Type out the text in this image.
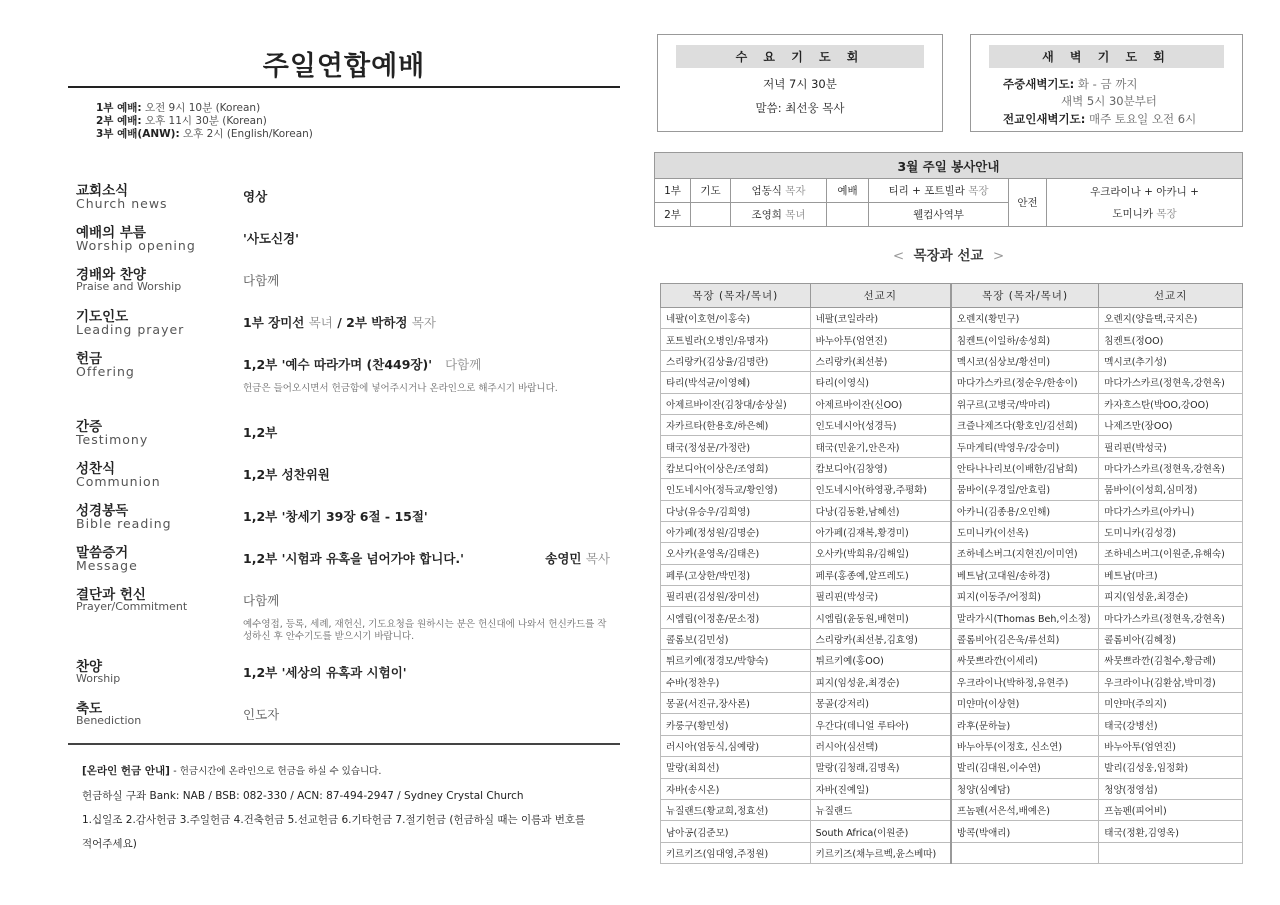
주일연합예배
1부 예배: 오전 9시 10분 (Korean)
2부 예배: 오후 11시 30분 (Korean)
3부 예배(ANW): 오후 2시 (English/Korean)
교회소식
Church news	영상
예배의 부름
Worship opening	'사도신경'
경배와 찬양
Praise and Worship	다함께
기도인도
Leading prayer	1부 장미선 목녀 / 2부 박하정 목자
헌금
Offering	1,2부 '예수 따라가며 (찬449장)' 다함께
헌금은 들어오시면서 헌금함에 넣어주시거나 온라인으로 해주시기 바랍니다.
간증
Testimony	1,2부
성찬식
Communion	1,2부 성찬위원
성경봉독
Bible reading	1,2부 '창세기 39장 6절 - 15절'
말씀증거
Message	1,2부 '시험과 유혹을 넘어가야 합니다.'	송영민 목사
결단과 헌신
Prayer/Commitment	다함께
예수영접, 등록, 세례, 재헌신, 기도요청을 원하시는 분은 헌신대에 나와서 헌신카드를 작성하신 후 안수기도를 받으시기 바랍니다.
찬양
Worship	1,2부 '세상의 유혹과 시험이'
축도
Benediction	인도자
[온라인 헌금 안내] - 헌금시간에 온라인으로 헌금을 하실 수 있습니다.
헌금하실 구좌 Bank: NAB / BSB: 082-330 / ACN: 87-494-2947 / Sydney Crystal Church
1.십일조 2.감사헌금 3.주일헌금 4.건축헌금 5.선교헌금 6.기타헌금 7.절기헌금 (헌금하실 때는 이름과 번호를
적어주세요)
수 요 기 도 회
저녁 7시 30분
말씀: 최선웅 목사
새 벽 기 도 회
주중새벽기도: 화 - 금 까지
새벽 5시 30분부터
전교인새벽기도: 매주 토요일 오전 6시
3월 주일 봉사안내						
1부	기도	엄동식 목자	예배	티리 + 포트빌라 목장	안전	우크라이나 + 아카니 +
도미니카 목장

2부		조영희 목녀		웰컴사역부		
< 목장과 선교 >
목장 (목자/목녀)	선교지	목장 (목자/목녀)	선교지
네팔(이호현/이홍숙)	네팔(코일라라)	오렌지(황민구)	오렌지(양을택,국지은)
포트빌라(오병인/유명자)	바누아투(엄연진)	침켄트(이일하/송성희)	침켄트(정OO)
스리랑카(김상율/김명란)	스리랑카(최선봉)	멕시코(심상보/황선미)	멕시코(추기성)
타리(박석균/이영혜)	타리(이영식)	마다가스카르(정순우/한송이)	마다가스카르(정현욱,강현옥)
아제르바이잔(김창대/송상실)	아제르바이잔(신OO)	위구르(고병국/박마리)	카자흐스탄(박OO,강OO)
자카르타(한용호/하은혜)	인도네시아(성경득)	크즐나제즈다(황호인/김선희)	나제즈만(장OO)
태국(정성문/가정란)	태국(민윤기,안은자)	두마게티(박영우/강승미)	필리핀(박성국)
캄보디아(이상은/조영희)	캄보디아(김창영)	안타나나리보(이배한/김남희)	마다가스카르(정현욱,강현옥)
인도네시아(정득교/황인영)	인도네시아(하영광,주평화)	뭄바이(우경일/안효림)	뭄바이(이성희,심미정)
다낭(유승우/김희영)	다낭(김동환,남혜선)	아카니(김종용/오인해)	마다가스카르(아카니)
아가페(정성원/김명순)	아가페(김재복,황경미)	도미니카(이선옥)	도미니카(김성경)
오사카(윤영옥/김태은)	오사카(박희유/김해일)	조하네스버그(지현진/이미연)	조하네스버그(이원준,유해숙)
페루(고상한/박민정)	페루(홍종예,알프레도)	베트남(고대원/송하경)	베트남(마크)
필리핀(김성원/장미선)	필리핀(박성국)	피지(이동주/어정희)	피지(임성윤,최경순)
시엠립(이정훈/문소정)	시엠립(윤동원,배현미)	말라가시(Thomas Beh,이소정)	마다가스카르(정현욱,강현옥)
콜롬보(김민성)	스리랑카(최선봉,김효영)	콜롬비아(김은욱/류선희)	콜롬비아(김혜정)
튀르키예(정경모/박향숙)	튀르키예(홍OO)	싸뭇쁘라깐(이세리)	싸뭇쁘라깐(김철수,황금례)
수바(정찬우)	피지(임성윤,최경순)	우크라이나(박하정,유현주)	우크라이나(김환삼,박미경)
몽골(서진규,장사론)	몽골(강저리)	미얀마(이상현)	미얀마(주의지)
카룽구(황민성)	우간다(데니얼 루타아)	라후(문하늘)	태국(강병선)
러시아(엄동식,심예랑)	러시아(심선택)	바누아투(이정호, 신소연)	바누아투(엄연진)
말랑(최희선)	말랑(김청래,김명옥)	발리(김대원,이수연)	발리(김성웅,임정화)
자바(송시온)	자바(진예일)	청양(심예담)	청양(정영섭)
뉴질랜드(황교희,정효선)	뉴질랜드	프놈펜(서은석,배예은)	프놈펜(피어비)
남아공(김준모)	South Africa(이원준)	방콕(박애리)	태국(정환,김영옥)
키르키즈(임대영,주정원)	키르키즈(채누르벡,윤스베따)		
